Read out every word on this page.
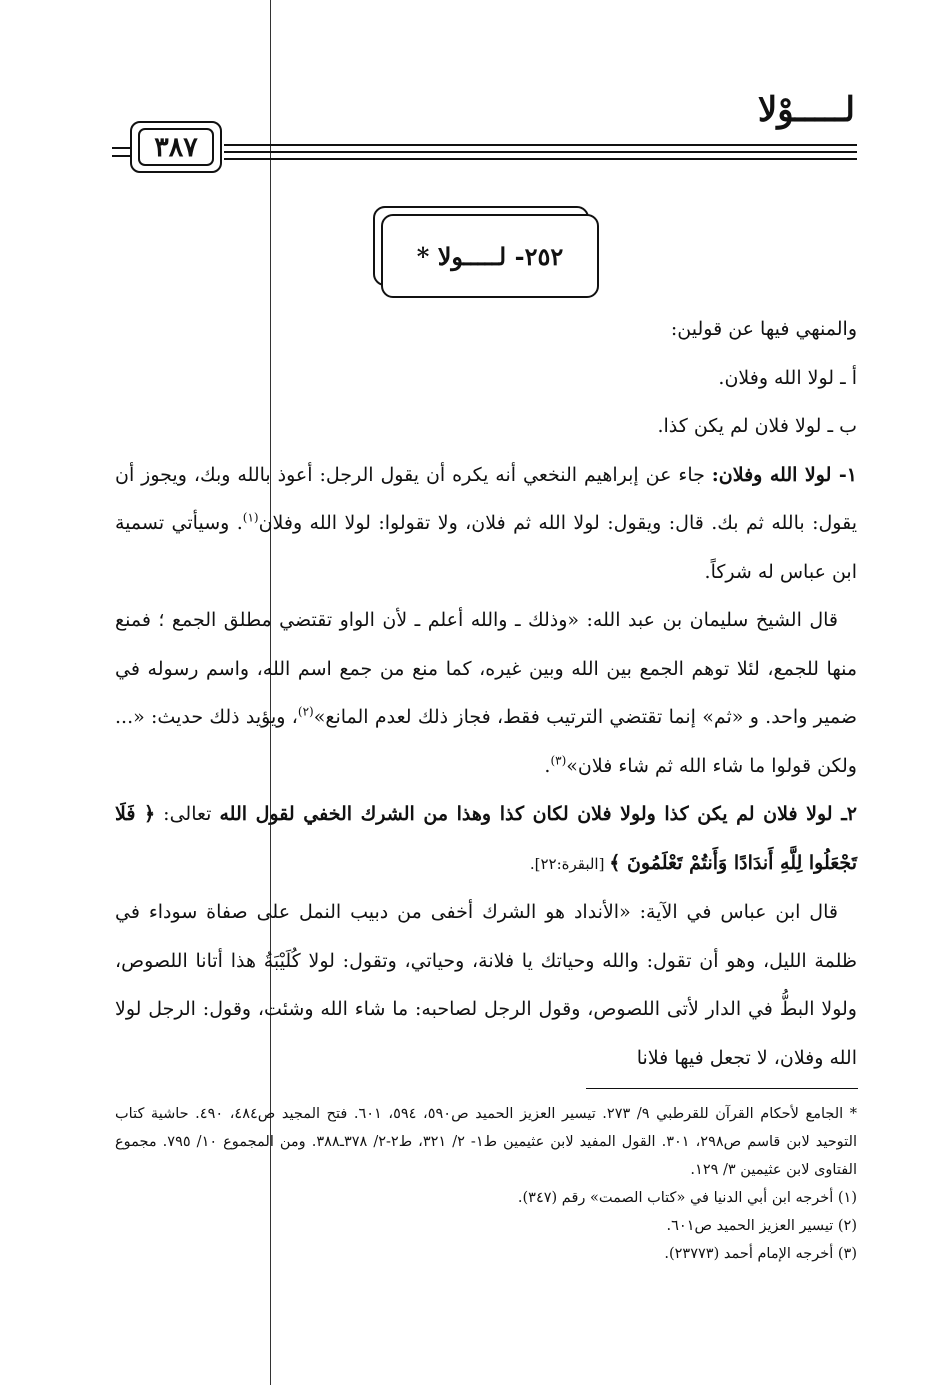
لـــــوْلا
٣٨٧
٢٥٢- لـــــولا *

والمنهي فيها عن قولين:

أ ـ لولا الله وفلان.

ب ـ لولا فلان لم يكن كذا.

١- لولا الله وفلان: جاء عن إبراهيم النخعي أنه يكره أن يقول الرجل: أعوذ بالله وبك، ويجوز أن يقول: بالله ثم بك. قال: ويقول: لولا الله ثم فلان، ولا تقولوا: لولا الله وفلان$^{(١)}$. وسيأتي تسمية ابن عباس له شركاً.

 قال الشيخ سليمان بن عبد الله: «وذلك ـ والله أعلم ـ لأن الواو تقتضي مطلق الجمع ؛ فمنع منها للجمع، لئلا توهم الجمع بين الله وبين غيره، كما منع من جمع اسم الله، واسم رسوله في ضمير واحد. و «ثم» إنما تقتضي الترتيب فقط، فجاز ذلك لعدم المانع»$^{(٢)}$، ويؤيد ذلك حديث: «... ولكن قولوا ما شاء الله ثم شاء فلان»$^{(٣)}$.

٢ـ لولا فلان لم يكن كذا ولولا فلان لكان كذا وهذا من الشرك الخفي لقول الله تعالى: ﴿ فَلَا تَجْعَلُوا لِلَّهِ أَندَادًا وَأَنتُمْ تَعْلَمُونَ ﴾ [البقرة:٢٢].

 قال ابن عباس في الآية: «الأنداد هو الشرك أخفى من دبيب النمل على صفاة سوداء في ظلمة الليل، وهو أن تقول: والله وحياتك يا فلانة، وحياتي، وتقول: لولا كُلَيْبَةُ هذا أتانا اللصوص، ولولا البطُّ في الدار لأتى اللصوص، وقول الرجل لصاحبه: ما شاء الله وشئت، وقول: الرجل لولا الله وفلان، لا تجعل فيها فلانا

* الجامع لأحكام القرآن للقرطبي ٩/ ٢٧٣. تيسير العزيز الحميد ص٥٩٠، ٥٩٤، ٦٠١. فتح المجيد ص٤٨٤، ٤٩٠. حاشية كتاب التوحيد لابن قاسم ص٢٩٨، ٣٠١. القول المفيد لابن عثيمين ط١- ٢/ ٣٢١، ط٢-٢/ ٣٧٨ـ٣٨٨. ومن المجموع ١٠/ ٧٩٥. مجموع الفتاوى لابن عثيمين ٣/ ١٢٩.

(١) أخرجه ابن أبي الدنيا في «كتاب الصمت» رقم (٣٤٧).

(٢) تيسير العزيز الحميد ص٦٠١.

(٣) أخرجه الإمام أحمد (٢٣٧٧٣).
